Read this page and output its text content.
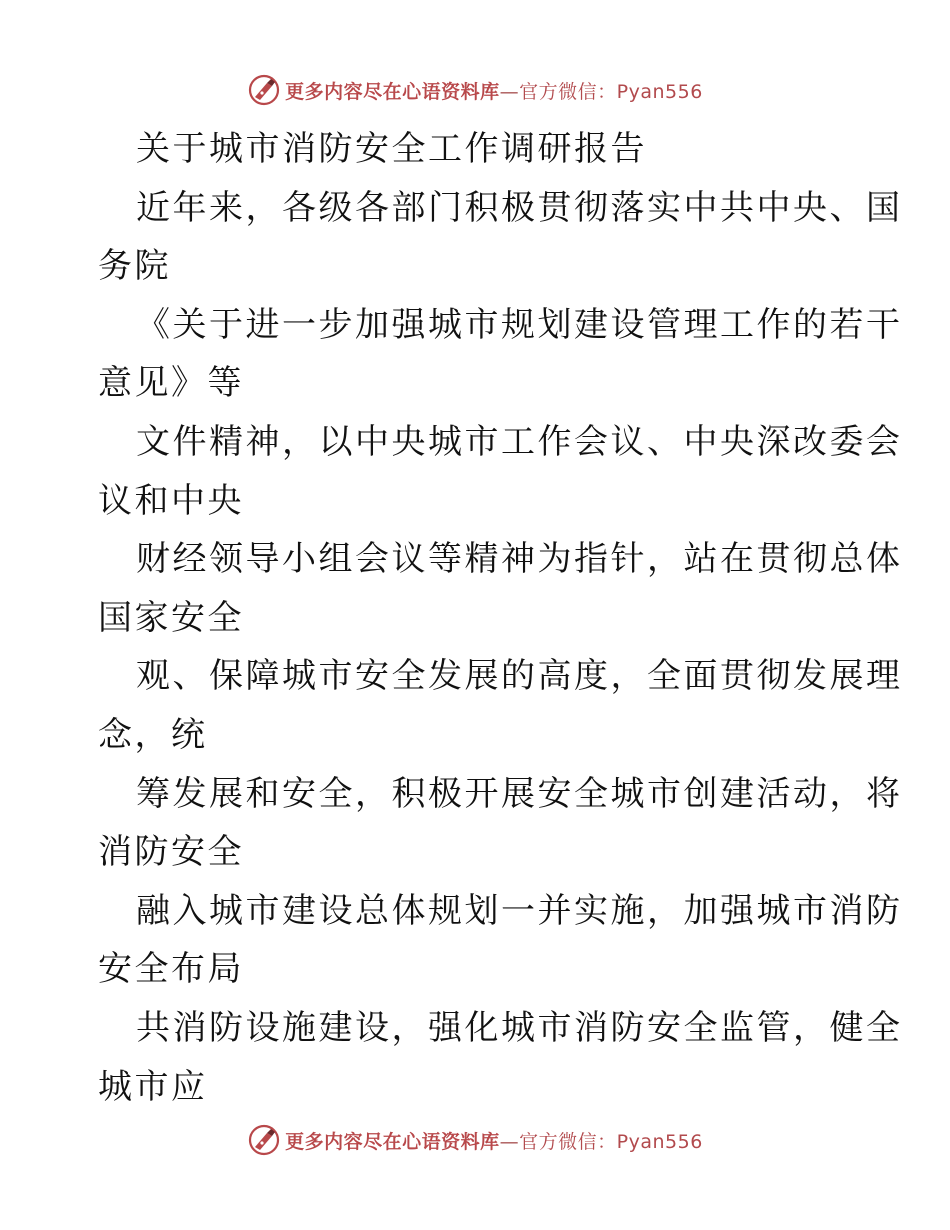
更多内容尽在心语资料库—官方微信：Pyan556
关于城市消防安全工作调研报告
近年来，各级各部门积极贯彻落实中共中央、国
务院
《关于进一步加强城市规划建设管理工作的若干
意见》等
文件精神，以中央城市工作会议、中央深改委会
议和中央
财经领导小组会议等精神为指针，站在贯彻总体
国家安全
观、保障城市安全发展的高度，全面贯彻发展理
念，统
筹发展和安全，积极开展安全城市创建活动，将
消防安全
融入城市建设总体规划一并实施，加强城市消防
安全布局
共消防设施建设，强化城市消防安全监管，健全
城市应
更多内容尽在心语资料库—官方微信：Pyan556
